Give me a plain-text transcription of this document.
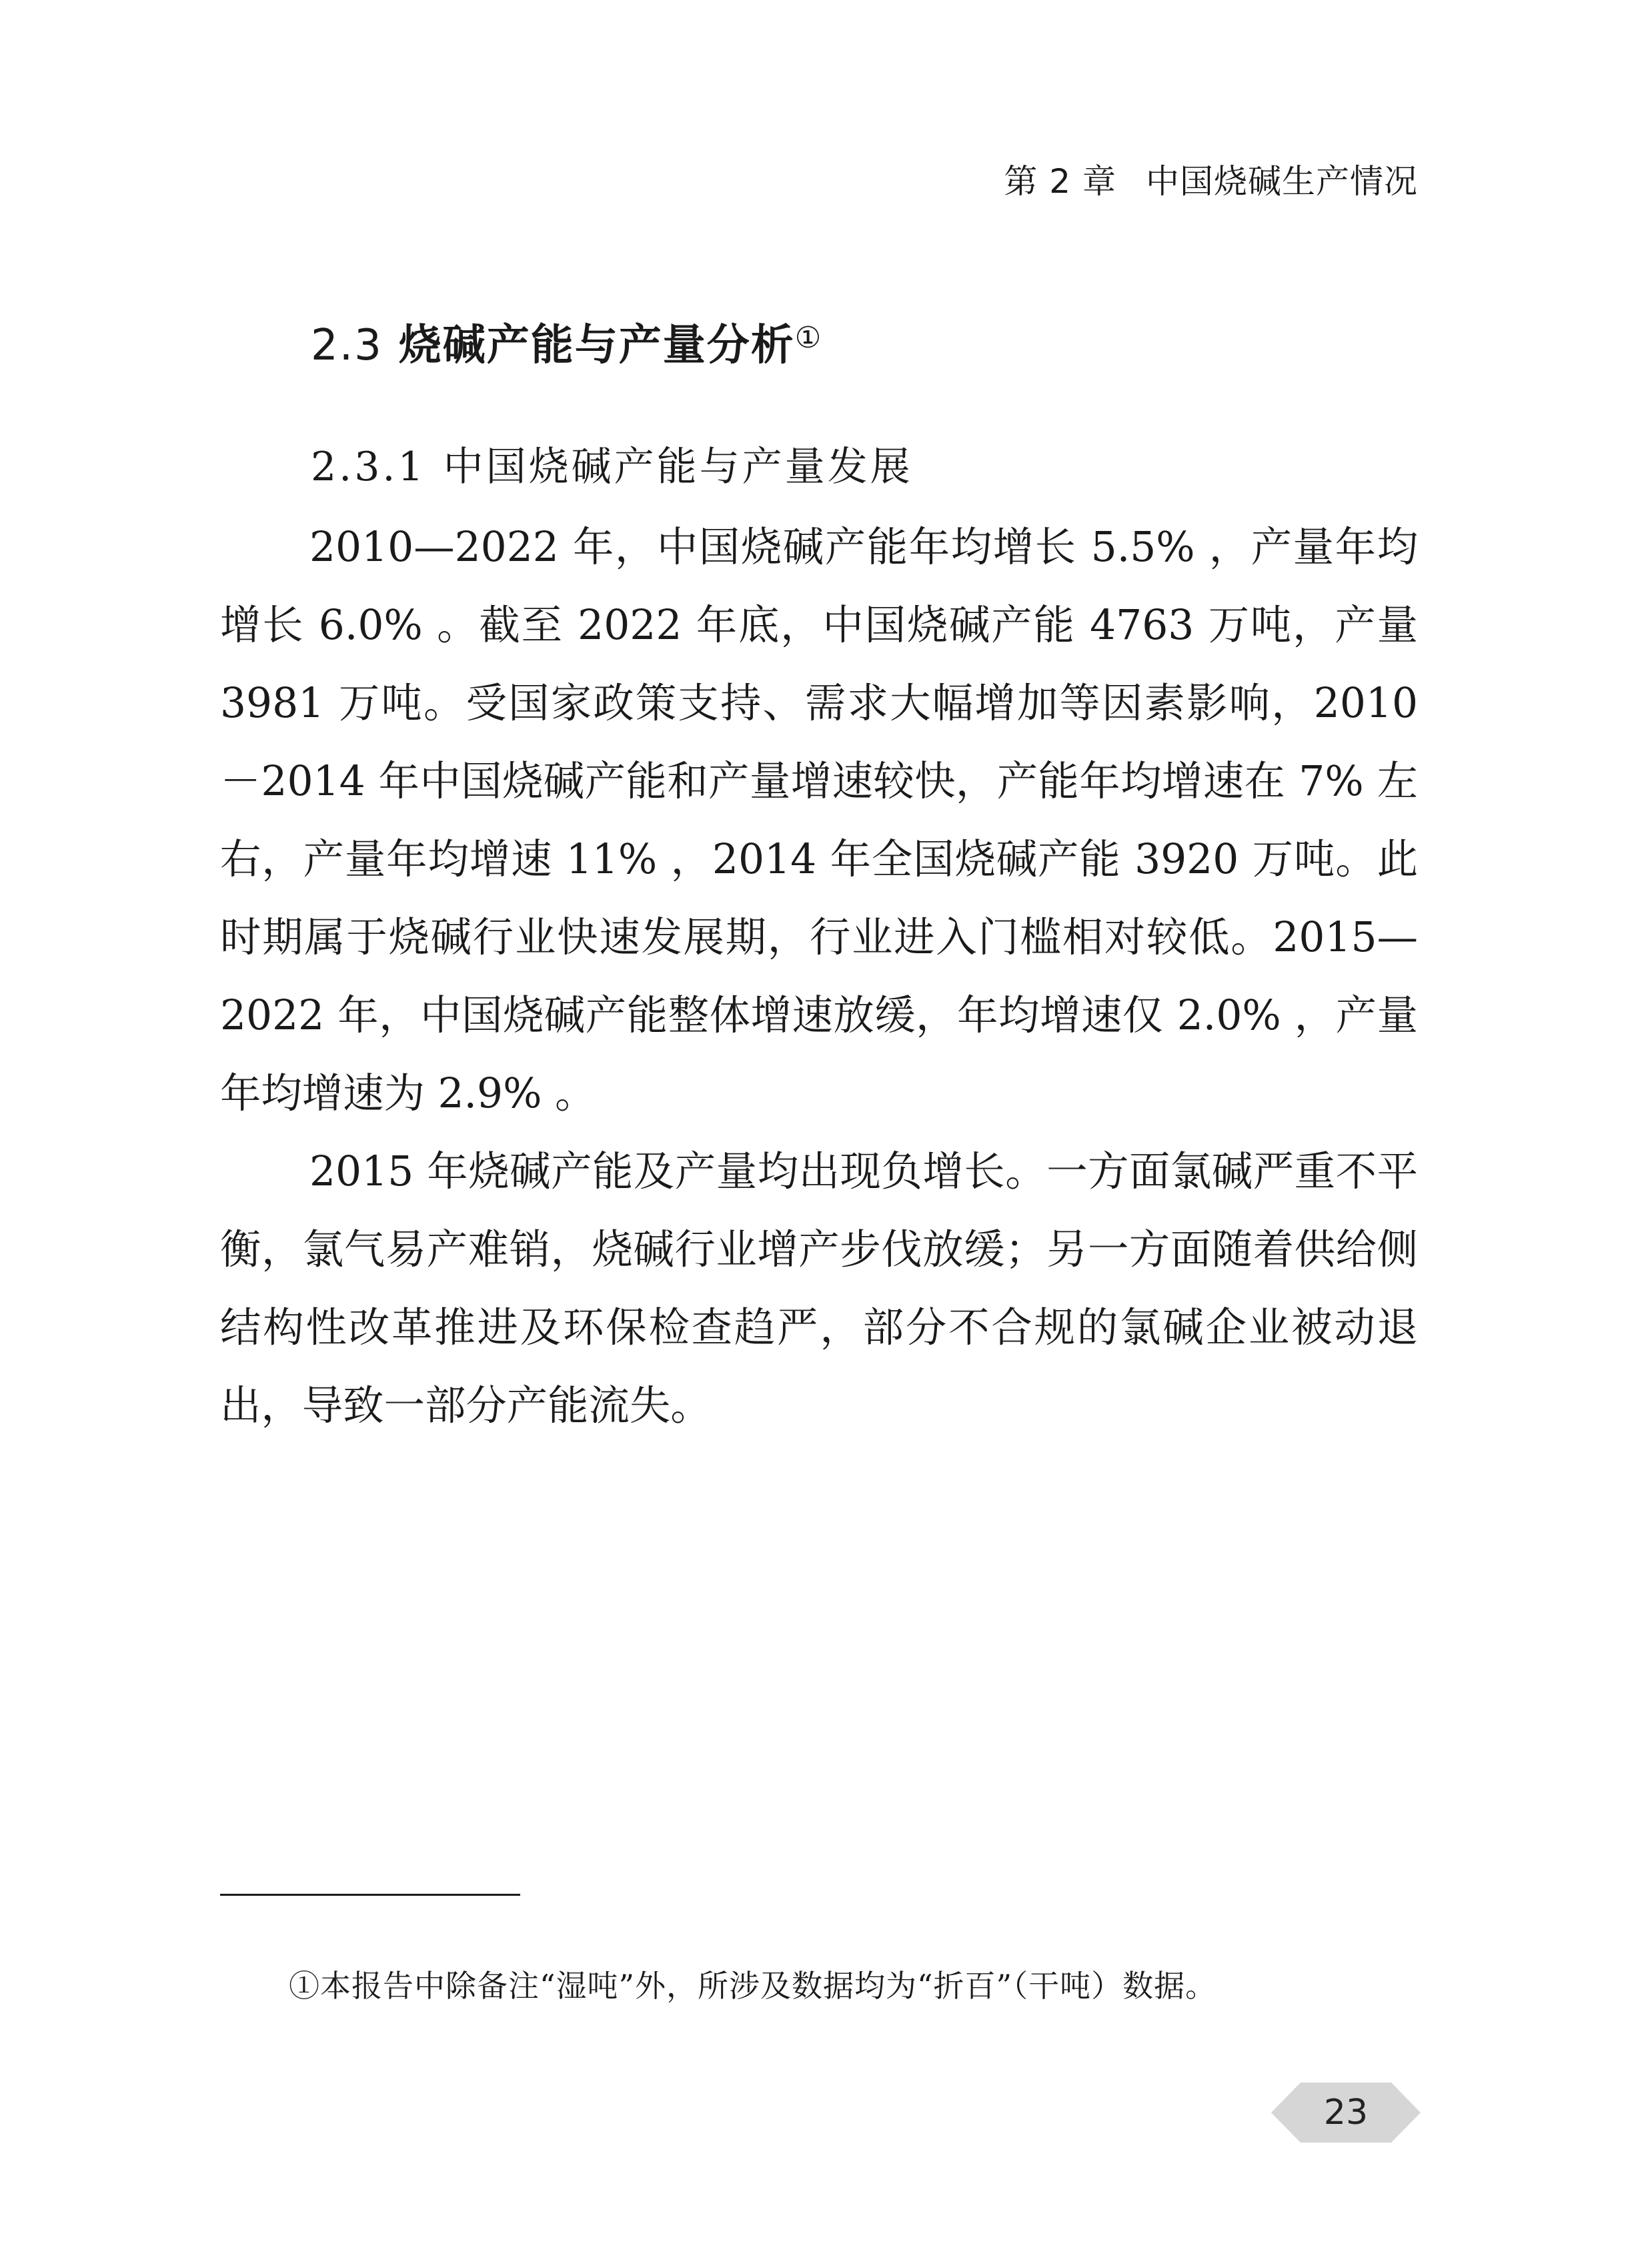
第 2 章 中国烧碱生产情况
2.3 烧碱产能与产量分析①
2.3.1 中国烧碱产能与产量发展

2010—2022 年，中国烧碱产能年均增长 5.5% ，产量年均增长 6.0% 。截至 2022 年底，中国烧碱产能 4763 万吨，产量 3981 万吨。受国家政策支持、需求大幅增加等因素影响，2010－2014 年中国烧碱产能和产量增速较快，产能年均增速在 7% 左右，产量年均增速 11% ，2014 年全国烧碱产能 3920 万吨。此时期属于烧碱行业快速发展期，行业进入门槛相对较低。2015—2022 年，中国烧碱产能整体增速放缓，年均增速仅 2.0% ，产量年均增速为 2.9% 。

2015 年烧碱产能及产量均出现负增长。一方面氯碱严重不平衡，氯气易产难销，烧碱行业增产步伐放缓；另一方面随着供给侧结构性改革推进及环保检查趋严，部分不合规的氯碱企业被动退出，导致一部分产能流失。

①本报告中除备注“湿吨”外，所涉及数据均为“折百”（干吨）数据。
23
